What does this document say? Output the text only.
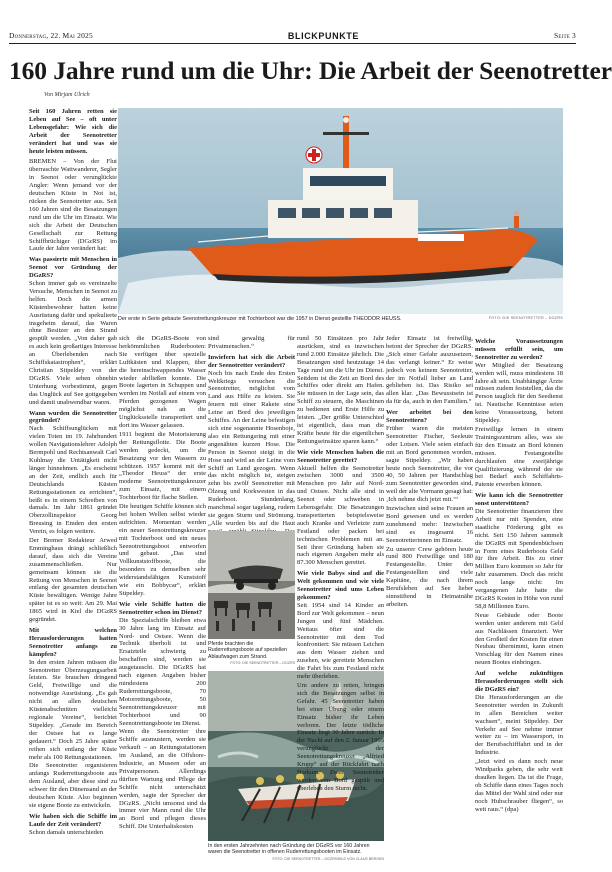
Donnerstag, 22. Mai 2025	BLICKPUNKTE	Seite 3
160 Jahre rund um die Uhr: Die Arbeit der Seenotretter
Von Mirjam Ulrich

Seit 160 Jahren retten sie Leben auf See – oft unter Lebensgefahr: Wie sich die Arbeit der Seenotretter verändert hat und was sie heute leisten müssen.

BREMEN – Von der Flut überraschte Wattwanderer, Segler in Seenot oder verunglückte Angler: Wenn jemand vor der deutschen Küste in Not ist, rücken die Seenotretter aus. Seit 160 Jahren sind die Besatzungen rund um die Uhr im Einsatz. Wie sich die Arbeit der Deutschen Gesellschaft zur Rettung Schiffbrüchiger (DGzRS) im Laufe der Jahre verändert hat:

Was passierte mit Menschen in Seenot vor Gründung der DGzRS?

Schon immer gab es vereinzelte Versuche, Menschen in Seenot zu helfen. Doch die armen Küstenbewohner hatten keine Ausrüstung dafür und spekulierte insgeheim darauf, das Waren ohne Besitzer an den Strand gespült werden. „Von daher gab es auch kein großartiges Interesse an Überlebenden nach Schiffskatastrophen“, erklärt Christian Stipeldey von der DGzRS. Viele sehen ohnehin Unterhung vorbestimmt, gegen das Unglück auf See gottgegeben und damit unabwendbar waren.

Wann wurden die Seenotretter gegründet?

Nach Schiffsunglücken mit vielen Toten im 19. Jahrhundert wollen Navigationslehrer Adolph Bermpohl und Rechtsanwalt Carl Kuhlmay die Untätigkeit nicht länger hinnehmen. „Es erscheint an der Zeit, endlich auch für Deutschlands Küsten Rettungsstationen zu errichten“, heißt es in einem Schreiben von damals. Im Jahr 1861 gründet Oberzollinspektor Georg Breusing in Emden den ersten Verein, es folgen weitere.

Der Bremer Redakteur Arwed Emminghaus drängt schließlich darauf, dass sich die Vereine zusammenschließen. Nur gemeinsam können sie die Rettung von Menschen in Seenot entlang der gesamten deutschen Küste bewältigen. Wenige Jahre später ist es so weit: Am 29. Mai 1865 wird in Kiel die DGzRS gegründet.

Mit welchen Herausforderungen hatten Seenotretter anfangs zu kämpfen?

In den ersten Jahren müssen die Seenotretter Überzeugungsarbeit leisten. Sie brauchen dringend Geld, Freiwillige und die notwendige Ausrüstung. „Es gab nicht an allen deutschen Küstenabschnitten vielleicht regionale Vereine“, berichtet Stipeldey. „Gerade im Bereich der Ostsee hat es lange gedauert.“ Doch 25 Jahre später reihen sich entlang der Küste mehr als 100 Rettungsstationen.

Die Seenotretter organisieren anfangs Ruderrettungsboote aus dem Ausland, aber diese sind zu schwer für den Dünensand an der deutschen Küste. Also beginnen sie eigene Boote zu entwickeln.

Wie haben sich die Schiffe im Laufe der Zeit verändert?

Schon damals unterschieden

Der erste in Serie gebaute Seenotrettungskreuzer mit Tochterboot war die 1957 in Dienst gestellte THEODOR HEUSS.	FOTO: DIE SEENOTRETTER – DGZRS

sich die DGzRS-Boote von herkömmlichen Ruderbooten: Sie verfügen über spezielle Luftkästen und Klappen, über die hereinschwappendes Wasser wieder abfließen konnte. Die Boote lagerten in Schuppen und werden im Notfall auf einem von Pferden gezogenen Wagen möglichst nah an die Unglücksstelle transportiert und dort ins Wasser gelassen.

1911 beginnt die Motorisierung der Rettungsflotte. Die Boote werden gedeckt, um die Besatzung vor den Wassern zu schützen. 1957 kommt mit der „Theodor Heuss“ der erste moderne Seenotrettungskreuzer zum Einsatz, mit einem Tochterboot für flache Stellen.

Die heutigen Schiffe können sich bei hohen Wellen selbst wieder aufrichten. Momentan werden ein neuer Seenotrettungskreuzer mit Tochterboot und ein neues Seenotrettungsboot entworfen und gebaut. „Das sind Vollkunststoffboote, die besonders zu demselben sehr widerstandsfähigen Kunststoff wie ein Bobbycar“, erklärt Stipeldey.

Wie viele Schiffe hatten die Seenotretter schon im Dienst?

Die Spezialschiffe bleiben etwa 30 Jahre lang im Einsatz auf Nord- und Ostsee. Wenn die Technik überholt ist und Ersatzteile schwierig zu beschaffen sind, werden sie ausgetauscht. Die DGzRS hat nach eigenen Angaben bisher mindestens 200 Ruderrettungsboote, 70 Motorrettungsboote, 50 Seenotrettungskreuzer mit Tochterboot und 90 Seenotrettungsboote im Dienst.

Wenn die Seenotretter ihre Schiffe ausmustern, werden sie verkauft – an Rettungsstationen im Ausland, an die Offshore-Industrie, an Museen oder an Privatpersonen. Allerdings dürften Wartung und Pflege der Schiffe nicht unterschätzt werden, sagte der Sprecher der DGzRS. „Nicht umsonst sind da immer vier Mann rund die Uhr an Bord und pflegen dieses Schiff. Die Unterhaltskosten

sind gewaltig für Privatmenschen.“

Inwiefern hat sich die Arbeit der Seenotretter verändert?

Noch bis nach Ende des Ersten Weltkriegs versuchen die Seenotretter, möglichst vom Land aus Hilfe zu leisten. Sie feuern mit einer Rakete eine Leine an Bord des jeweiligen Schiffes. An der Leine befestigen sich eine sogenannte Hosenboje, also ein Rettungsring mit einer angenähten kurzen Hose. Die Person in Seenot steigt in die Hose und wird an der Leine vom Schiff an Land gezogen. Wenn das nicht möglich ist, steigen zehn bis zwölf Seenotretter mit Ölzeug und Korkwesten in das Ruderboot. Stundenlang, manchmal sogar tagelang, rudern sie gegen Sturm und Strömung. „Alle wurden bis auf die Haut

Pferde brachten die Ruderrettungsboote auf speziellen Ablaufwagen zum Strand.
FOTO: DIE SEENOTRETTER – DGZRS
In den ersten Jahrzehnten nach Gründung der DGzRS vor 160 Jahren waren die Seenotretter in offenen Ruderrettungsbooten im Einsatz.
FOTO: DIE SEENOTRETTER – DGZRS/BILD VON CLAUS BERGEN

rund 50 Einsätzen pro Jahr ausrücken, sind es inzwischen rund 2.000 Einsätze jährlich. Die Besatzungen sind heutzutage 14 Tage rund um die Uhr im Dienst. Seitdem ist die Zeit an Bord des Schiffes oder direkt am Hafen. Sie müssen in der Lage sein, das Schiff zu steuern, die Maschinen zu bedienen und Erste Hilfe zu leisten. „Der größte Unterschied ist eigentlich, dass man die Kräfte heute für die eigentlichen Rettungseinsätze sparen kann.“

Wie viele Menschen haben die Seenotretter gerettet?

Aktuell helfen die Seenotretter zwischen 3000 und 3500 Menschen pro Jahr auf Nord- und Ostsee. Nicht alle sind in Seenot oder schweben in Lebensgefahr. Die Besatzungen transportierten beispielsweise auch Kranke und Verletzte zum Festland oder packen bei technischen Problemen mit an. Seit ihrer Gründung haben sie nach eigenen Angaben mehr als 87.300 Menschen gerettet.

Wie viele Babys sind auf die Welt gekommen und wie viele Seenotretter sind ums Leben gekommen?

Seit 1954 sind 14 Kinder an Bord zur Welt gekommen – neun Jungen und fünf Mädchen. Weitaus öfter sind die Seenotretter mit dem Tod konfrontiert: Sie müssen Leichen aus dem Wasser ziehen und zusehen, wie gerettete Menschen die Fahrt bis zum Festland nicht mehr überleben.

Um andere zu retten, bringen sich die Besatzungen selbst in Gefahr. 45 Seenotretter haben bei einer Übung oder einem Einsatz bisher ihr Leben verloren. Der letzte tödliche Einsatz liegt 30 Jahre zurück: In der Nacht auf den 2. Januar 1995 verunglückt der Seenotrettungskreuzer „Alfried Krupp“ auf der Rückfahrt nach Borkum. Zwei Seenotretter werden von Bord gespült und überleben den Sturm nicht.

Jeder Einsatz ist freiwillig, betont der Sprecher der DGzRS. „Sich einer Gefahr auszusetzen, das verlangt keiner.“ Er weise jedoch von keinem Seenotretter, der im Notfall lieber an Land geblieben ist. Das Risiko sei allen klar. „Das Bewusstsein ist da für da, auch in den Familien.“

Wer arbeitet bei den Seenotrettern?

Früher waren die meisten Seenotretter Fischer, Seeleute oder Lotsen. Viele seien einfach mit an Bord genommen worden, sagte Stipeldey. „Wir haben heute noch Seenotretter, die vor 40, 50 Jahren per Handschlag zum Seenotretter geworden sind, weil der alte Vormann gesagt hat: ‚Ich nehme dich jetzt mit.‘“

Inzwischen sind seine Frauen an Bord gewesen und es werden zunehmend mehr: Inzwischen sind es insgesamt 16 Seenotretterinnen im Einsatz.

Zu unserer Crew gehören heute rund 800 Freiwillige und 180 Festangestellte. Unter den Festangestellten sind viele Kapitäne, die nach ihrem Berufsleben auf See lieber sinnstiftend in Heimatnähe arbeiten.

Welche Voraussetzungen müssen erfüllt sein, um Seenotretter zu werden?

Wer Mitglied der Besatzung werden will, muss mindestens 18 Jahre alt sein. Unabhängige Ärzte müssen zudem feststellen, das die Person tauglich für den Seedienst ist. Nautische Kenntnisse seien keine Voraussetzung, betont Stipeldey.

Freiwillige lernen in einem Trainingszentrum alles, was sie für den Einsatz an Bord können müssen. Festangestellte durchlaufen eine zweijährige Qualifizierung, während der sie bei Bedarf auch Schiffahrts-Patente erwerben können.

Wie kann ich die Seenotretter sonst unterstützen?

Die Seenotretter finanzieren ihre Arbeit nur mit Spenden, eine staatliche Förderung gibt es nicht. Seit 150 Jahren sammelt die DGzRS mit Spendenbüchsen in Form eines Ruderboots Geld für ihre Arbeit. Bis zu einer Million Euro kommen so Jahr für Jahr zusammen. Doch das reicht noch lange nicht: Im vergangenen Jahr hatte die DGzRS Kosten in Höhe von rund 58,8 Millionen Euro.

Neue Gebäude oder Boote werden unter anderem mit Geld aus Nachlässen finanziert. Wer den Großteil der Kosten für einen Neubau übernimmt, kann einen Vorschlag für den Namen eines neuen Bootes einbringen.

Auf welche zukünftigen Herausforderungen stellt sich die DGzRS ein?

Die Herausforderungen an die Seenotretter werden in Zukunft in allen Bereichen weiter wachsen“, meint Stipeldey. Der Verkehr auf See nehme immer weiter zu – im Wassersport, in der Berufsschifffahrt und in der Industrie.

„Jetzt wird es dann noch neue Windparks geben, die sehr weit draußen liegen. Da ist die Frage, ob Schiffe dann eines Tages noch das Mittel der Wahl sind oder nur noch Hubschrauber fliegen“, so weit raus.“ (dpa)
